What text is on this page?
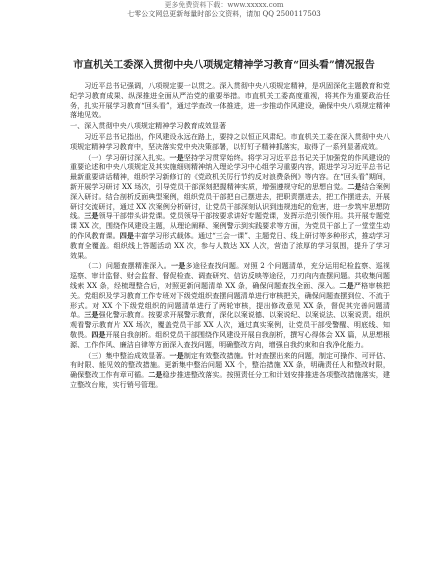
更多免费资料下载：www.xxxxx.com
七零公文网总更新每量时部公文资料，请加 QQ 2500117503
市直机关工委深入贯彻中央八项规定精神学习教育“回头看”情况报告

习近平总书记强调，八项规定要一以贯之。深入贯彻中央八项规定精神，是巩固深化主题教育和党纪学习教育成果、纵深推进全面从严治党的重要举措。市直机关工委高度重视，将其作为重要政治任务，扎实开展学习教育“回头看”，通过学查改一体推进，进一步推动作风建设，确保中央八项规定精神落地见效。

一、深入贯彻中央八项规定精神学习教育成效显著

习近平总书记指出，作风建设永远在路上，要持之以恒正风肃纪。市直机关工委在深入贯彻中央八项规定精神学习教育中，坚决落实党中央决策部署，以钉钉子精神抓落实，取得了一系列显著成效。

（一）学习研讨深入扎实。一是坚持学习贯穿始终。将学习习近平总书记关于加强党的作风建设的重要论述和中央八项规定及其实施细则精神纳入理论学习中心组学习重要内容，跟进学习习近平总书记最新重要讲话精神，组织学习新修订的《党政机关厉行节约反对浪费条例》等内容。在“回头看”期间，新开展学习研讨 XX 场次，引导党员干部深刻把握精神实质，增强遵规守纪的思想自觉。二是结合案例深入研讨。结合剖析反面典型案例，组织党员干部把自己摆进去，把职责摆进去，把工作摆进去，开展研讨交流研讨，通过 XX 次案例分析研讨，让党员干部深刻认识到违规违纪的危害，进一步筑牢思想防线。三是领导干部带头讲党课。党员领导干部按要求讲好专题党课，发挥示范引领作用。共开展专题党课 XX 次，围绕作风建设主题，从理论阐释、案例警示到实践要求等方面，为党员干部上了一堂堂生动的作风教育课。四是丰富学习形式载体。通过“三会一课”、主题党日、线上研讨等多种形式，推动学习教育全覆盖。组织线上答题活动 XX 次，参与人数达 XX 人次，营造了浓厚的学习氛围，提升了学习效果。

（二）问题查摆精准深入。一是多途径查找问题。对照 2 个问题清单，充分运用纪检监察、巡视巡察、审计监督、财会监督、督促检查、调查研究、信访反映等途径，刀刃向内查摆问题。共收集问题线索 XX 条，经梳理整合后，对照更新问题清单 XX 条，确保问题查找全面、深入。二是严格审核把关。党组织及学习教育工作专班对下级党组织查摆问题清单进行审核把关，确保问题查摆到位、不流于形式。对 XX 个下级党组织的问题清单进行了两轮审核，提出修改意见 XX 条，督促其完善问题清单。三是强化警示教育。按要求开展警示教育，深化以案说德、以案说纪、以案说法、以案说责。组织观看警示教育片 XX 场次，覆盖党员干部 XX 人次，通过真实案例，让党员干部受警醒、明底线、知敬畏。四是开展自我剖析。组织党员干部围绕作风建设开展自我剖析，撰写心得体会 XX 篇，从思想根源、工作作风、廉洁自律等方面深入查找问题，明确整改方向，增强自我约束和自我净化能力。

（三）集中整治成效显著。一是制定有效整改措施。针对查摆出来的问题，制定可操作、可评估、有时限、能见效的整改措施。更新集中整治问题 XX 个，整治措施 XX 条，明确责任人和整改时限，确保整改工作有章可循。二是稳步推进整改落实。按照责任分工和计划安排推进各项整改措施落实，建立整改台账，实行销号管理。
